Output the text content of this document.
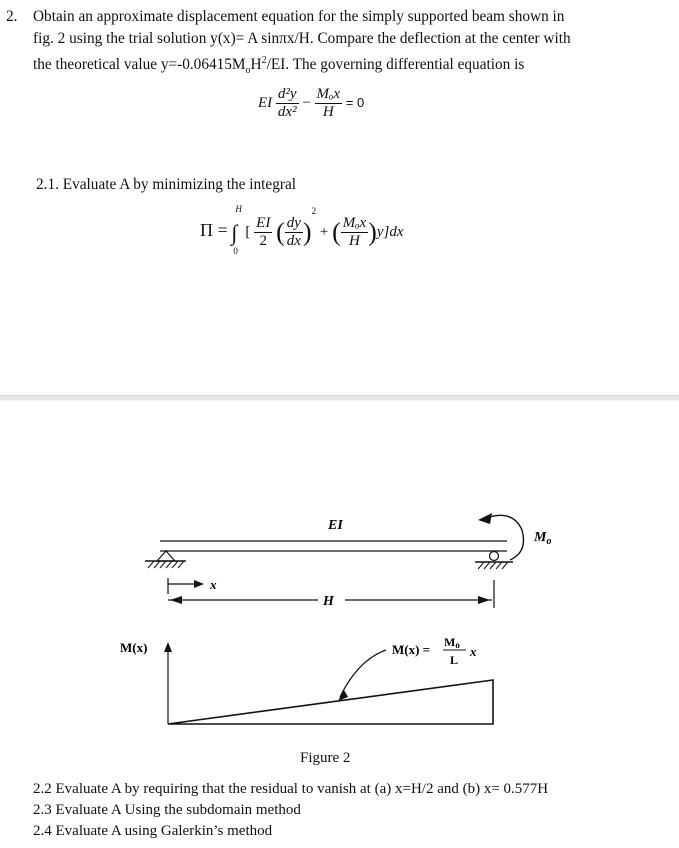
2. Obtain an approximate displacement equation for the simply supported beam shown in
fig. 2 using the trial solution y(x)= A sinπx/H. Compare the deflection at the center with
the theoretical value $y=-0.06415M_oH^2/EI$. The governing differential equation is
EI $\frac{\text{d²y}}{\text{dx²}} - \frac{\text{Mₒx}}{H} = 0$
2.1. Evaluate A by minimizing the integral
Π =
H
∫
0
[ $\frac{EI}{2}$ ( $\frac{dy}{dx} )^2$ + ( $\frac{\text{Mₒx}}{H} )y]dx$
EI
$M_o$
x
H
M(x)	M(x) = Mo
L
x
Figure 2
2.2 Evaluate A by requiring that the residual to vanish at (a) x=H/2 and (b) x= 0.577H
2.3 Evaluate A Using the subdomain method
2.4 Evaluate A using Galerkin’s method
